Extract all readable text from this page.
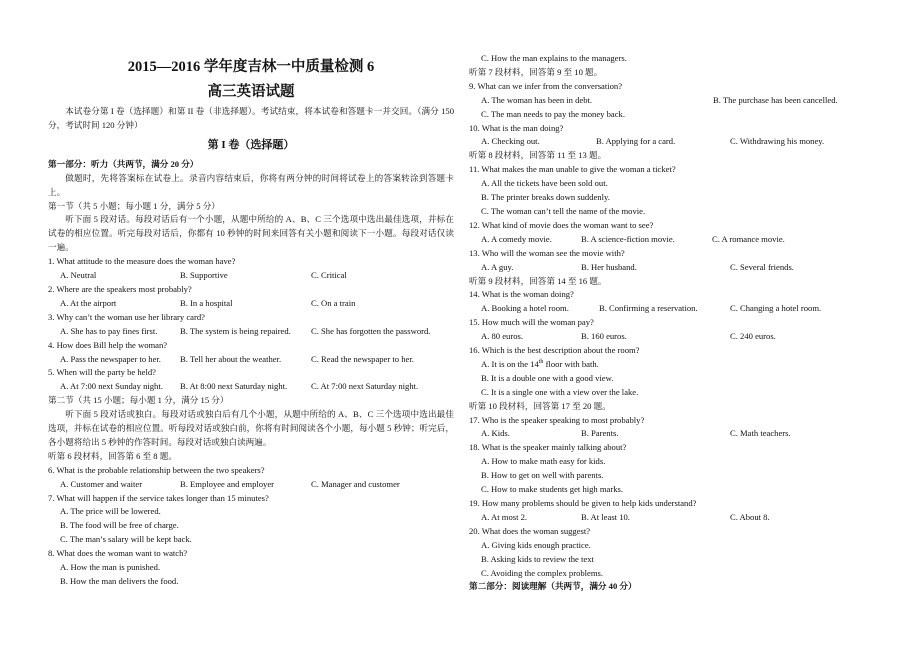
2015—2016 学年度吉林一中质量检测 6
高三英语试题
本试卷分第 I 卷（选择题）和第 II 卷（非选择题）。考试结束，将本试卷和答题卡一并交回。（满分 150 分，考试时间 120 分钟）
第 I 卷（选择题）
第一部分：听力（共两节，满分 20 分）
做题时，先将答案标在试卷上。录音内容结束后，你将有两分钟的时间将试卷上的答案转涂到答题卡上。
第一节（共 5 小题；每小题 1 分，满分 5 分）
听下面 5 段对话。每段对话后有一个小题，从题中所给的 A、B、C 三个选项中选出最佳选项，并标在试卷的相应位置。听完每段对话后，你都有 10 秒钟的时间来回答有关小题和阅读下一小题。每段对话仅读一遍。
1. What attitude to the measure does the woman have?
A. Neutral	B. Supportive	C. Critical
2. Where are the speakers most probably?
A. At the airport	B. In a hospital	C. On a train
3. Why can’t the woman use her library card?
A. She has to pay fines first.	B. The system is being repaired.	C. She has forgotten the password.
4. How does Bill help the woman?
A. Pass the newspaper to her.	B. Tell her about the weather.	C. Read the newspaper to her.
5. When will the party be held?
A. At 7:00 next Sunday night.	B. At 8:00 next Saturday night.	C. At 7:00 next Saturday night.
第二节（共 15 小题；每小题 1 分，满分 15 分）
听下面 5 段对话或独白。每段对话或独白后有几个小题，从题中所给的 A、B、C 三个选项中选出最佳选项，并标在试卷的相应位置。听每段对话或独白前，你将有时间阅读各个小题，每小题 5 秒钟；听完后，各小题将给出 5 秒钟的作答时间。每段对话或独白读两遍。
听第 6 段材料，回答第 6 至 8 题。
6. What is the probable relationship between the two speakers?
A. Customer and waiter	B. Employee and employer	C. Manager and customer
7. What will happen if the service takes longer than 15 minutes?
A. The price will be lowered.
B. The food will be free of charge.
C. The man’s salary will be kept back.
8. What does the woman want to watch?
A. How the man is punished.
B. How the man delivers the food.
C. How the man explains to the managers.
听第 7 段材料，回答第 9 至 10 题。
9. What can we infer from the conversation?
A. The woman has been in debt.	B. The purchase has been cancelled.
C. The man needs to pay the money back.
10. What is the man doing?
A. Checking out.	B. Applying for a card.	C. Withdrawing his money.
听第 8 段材料，回答第 11 至 13 题。
11. What makes the man unable to give the woman a ticket?
A. All the tickets have been sold out.
B. The printer breaks down suddenly.
C. The woman can’t tell the name of the movie.
12. What kind of movie does the woman want to see?
A. A comedy movie.	B. A science-fiction movie.	C. A romance movie.
13. Who will the woman see the movie with?
A. A guy.	B. Her husband.	C. Several friends.
听第 9 段材料，回答第 14 至 16 题。
14. What is the woman doing?
A. Booking a hotel room.	B. Confirming a reservation.	C. Changing a hotel room.
15. How much will the woman pay?
A. 80 euros.	B. 160 euros.	C. 240 euros.
16. Which is the best description about the room?
A. It is on the 14th floor with bath.
B. It is a double one with a good view.
C. It is a single one with a view over the lake.
听第 10 段材料，回答第 17 至 20 题。
17. Who is the speaker speaking to most probably?
A. Kids.	B. Parents.	C. Math teachers.
18. What is the speaker mainly talking about?
A. How to make math easy for kids.
B. How to get on well with parents.
C. How to make students get high marks.
19. How many problems should be given to help kids understand?
A. At most 2.	B. At least 10.	C. About 8.
20. What does the woman suggest?
A. Giving kids enough practice.
B. Asking kids to review the text
C. Avoiding the complex problems.
第二部分：阅读理解（共两节，满分 40 分）
